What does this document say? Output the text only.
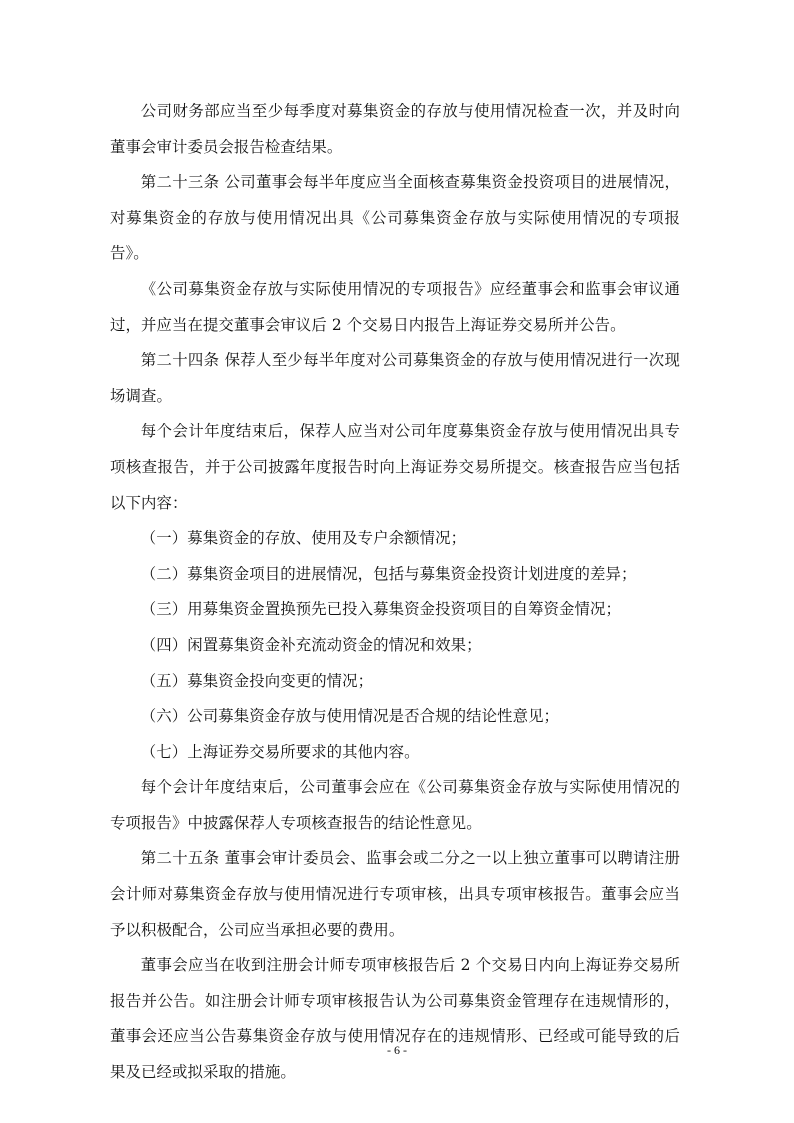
公司财务部应当至少每季度对募集资金的存放与使用情况检查一次，并及时向董事会审计委员会报告检查结果。

第二十三条 公司董事会每半年度应当全面核查募集资金投资项目的进展情况，对募集资金的存放与使用情况出具《公司募集资金存放与实际使用情况的专项报告》。

《公司募集资金存放与实际使用情况的专项报告》应经董事会和监事会审议通过，并应当在提交董事会审议后 2 个交易日内报告上海证券交易所并公告。

第二十四条 保荐人至少每半年度对公司募集资金的存放与使用情况进行一次现场调查。

每个会计年度结束后，保荐人应当对公司年度募集资金存放与使用情况出具专项核查报告，并于公司披露年度报告时向上海证券交易所提交。核查报告应当包括以下内容：

（一）募集资金的存放、使用及专户余额情况；

（二）募集资金项目的进展情况，包括与募集资金投资计划进度的差异；

（三）用募集资金置换预先已投入募集资金投资项目的自筹资金情况；

（四）闲置募集资金补充流动资金的情况和效果；

（五）募集资金投向变更的情况；

（六）公司募集资金存放与使用情况是否合规的结论性意见；

（七）上海证券交易所要求的其他内容。

每个会计年度结束后，公司董事会应在《公司募集资金存放与实际使用情况的专项报告》中披露保荐人专项核查报告的结论性意见。

第二十五条 董事会审计委员会、监事会或二分之一以上独立董事可以聘请注册会计师对募集资金存放与使用情况进行专项审核，出具专项审核报告。董事会应当予以积极配合，公司应当承担必要的费用。

董事会应当在收到注册会计师专项审核报告后 2 个交易日内向上海证券交易所报告并公告。如注册会计师专项审核报告认为公司募集资金管理存在违规情形的，董事会还应当公告募集资金存放与使用情况存在的违规情形、已经或可能导致的后果及已经或拟采取的措施。

- 6 -
